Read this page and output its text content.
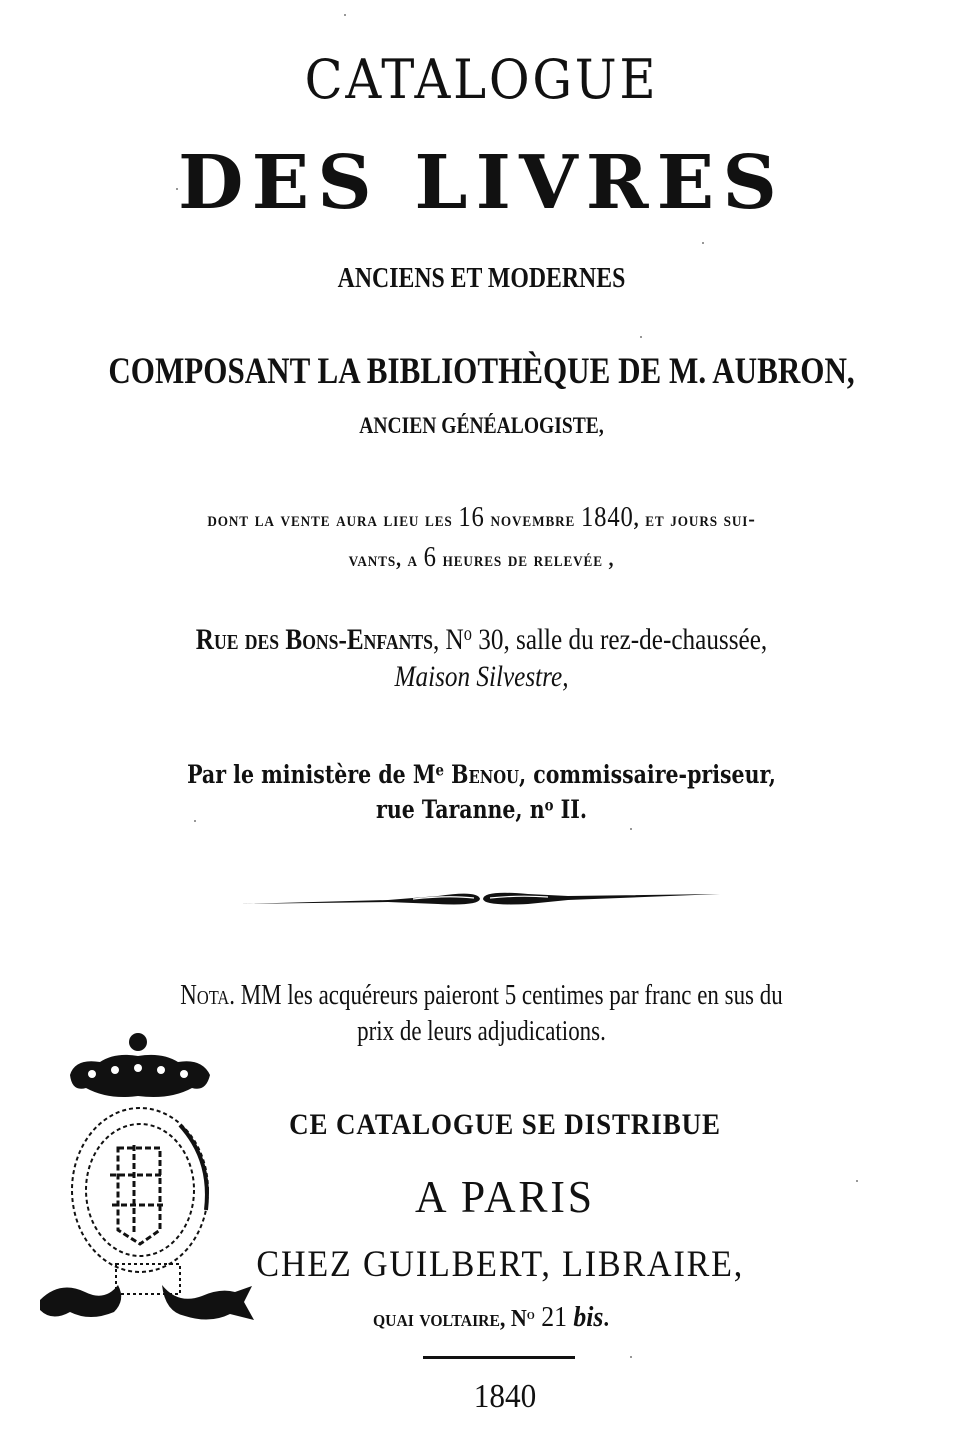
CATALOGUE
DES LIVRES
ANCIENS ET MODERNES
COMPOSANT LA BIBLIOTHÈQUE DE M. AUBRON,
ANCIEN GÉNÉALOGISTE,
dont la vente aura lieu les 16 novembre 1840, et jours sui-
vants, a 6 heures de relevée ,
Rue des Bons-Enfants, $N^o$ 30, salle du rez-de-chaussée,
Maison Silvestre,
Par le ministère de Me Benou, commissaire-priseur,
rue Taranne, $n^o$ II.
Nota. MM les acquéreurs paieront 5 centimes par franc en sus du
prix de leurs adjudications.
CE CATALOGUE SE DISTRIBUE
A PARIS
CHEZ GUILBERT, LIBRAIRE,
quai voltaire, $N^o$ 21 bis.
1840
